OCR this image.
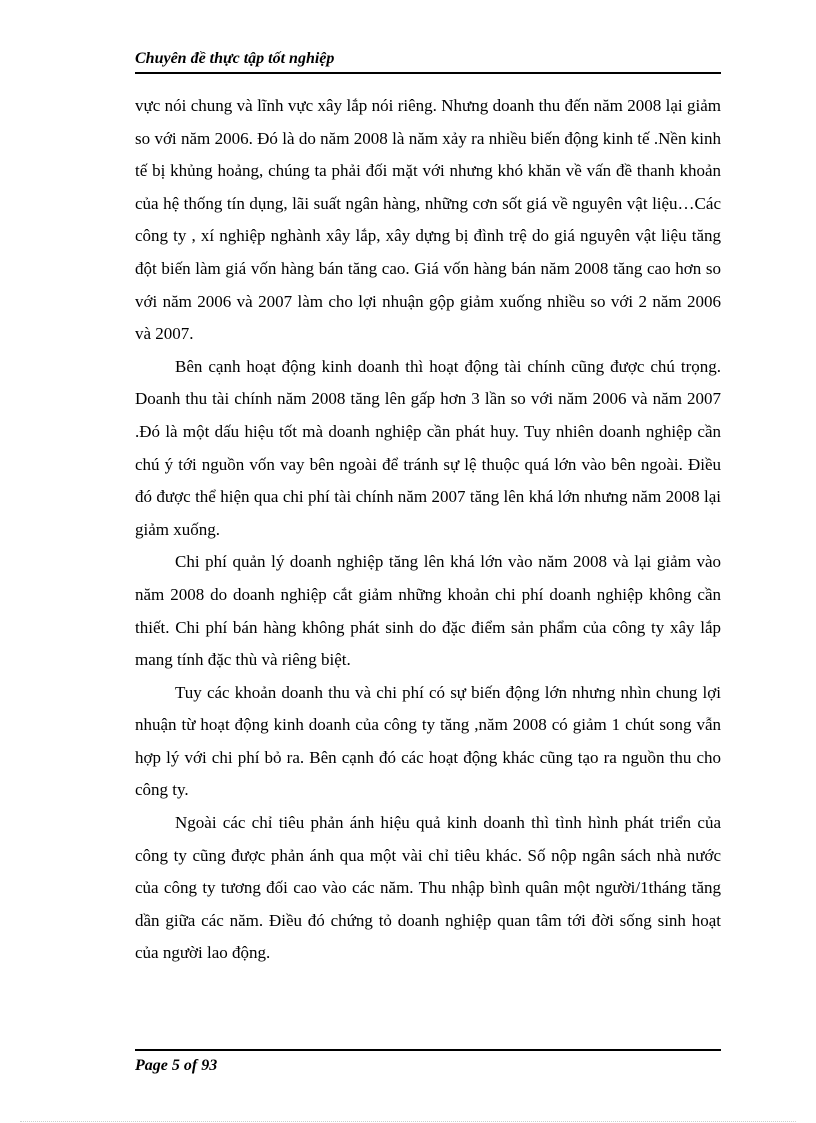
Chuyên đề thực tập tốt nghiệp

vực nói chung và lĩnh vực xây lắp nói riêng. Nhưng doanh thu đến năm 2008 lại giảm so với năm 2006. Đó là do năm 2008 là năm xảy ra nhiều biến động kinh tế .Nền kinh tế bị khủng hoảng, chúng ta phải đối mặt với nhưng khó khăn về vấn đề thanh khoản của hệ thống tín dụng, lãi suất ngân hàng, những cơn sốt giá về nguyên vật liệu…Các công ty , xí nghiệp nghành xây lắp, xây dựng bị đình trệ do giá nguyên vật liệu tăng đột biến làm giá vốn hàng bán tăng cao. Giá vốn hàng bán năm 2008 tăng cao hơn so với năm 2006 và 2007 làm cho lợi nhuận gộp giảm xuống nhiều so với 2 năm 2006 và 2007.

Bên cạnh hoạt động kinh doanh thì hoạt động tài chính cũng được chú trọng. Doanh thu tài chính năm 2008 tăng lên gấp hơn 3 lần so với năm 2006 và năm 2007 .Đó là một dấu hiệu tốt mà doanh nghiệp cần phát huy. Tuy nhiên doanh nghiệp cần chú ý tới nguồn vốn vay bên ngoài để tránh sự lệ thuộc quá lớn vào bên ngoài. Điều đó được thể hiện qua chi phí tài chính năm 2007 tăng lên khá lớn nhưng năm 2008 lại giảm xuống.

Chi phí quản lý doanh nghiệp tăng lên khá lớn vào năm 2008 và lại giảm vào năm 2008 do doanh nghiệp cắt giảm những khoản chi phí doanh nghiệp không cần thiết. Chi phí bán hàng không phát sinh do đặc điểm sản phẩm của công ty xây lắp mang tính đặc thù và riêng biệt.

Tuy các khoản doanh thu và chi phí có sự biến động lớn nhưng nhìn chung lợi nhuận từ hoạt động kinh doanh của công ty tăng ,năm 2008 có giảm 1 chút song vẫn hợp lý với chi phí bỏ ra. Bên cạnh đó các hoạt động khác cũng tạo ra nguồn thu cho công ty.

Ngoài các chỉ tiêu phản ánh hiệu quả kinh doanh thì tình hình phát triển của công ty cũng được phản ánh qua một vài chỉ tiêu khác. Số nộp ngân sách nhà nước của công ty tương đối cao vào các năm. Thu nhập bình quân một người/1tháng tăng dần giữa các năm. Điều đó chứng tỏ doanh nghiệp quan tâm tới đời sống sinh hoạt của người lao động.

Page 5 of 93
